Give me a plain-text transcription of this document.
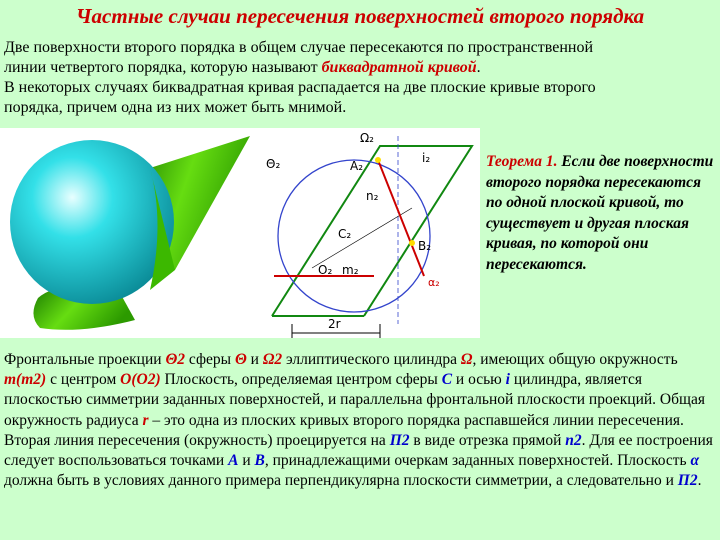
Частные случаи пересечения поверхностей второго порядка
Две поверхности второго порядка в общем случае пересекаются по пространственной
линии четвертого порядка, которую называют биквадратной кривой.
В некоторых случаях биквадратная кривая распадается на две плоские кривые второго
порядка, причем одна из них может быть мнимой.
Ω₂
Θ₂	A₂
i₂
n₂
C₂
B₂
O₂ m₂
α₂
2r
Теорема 1. Если две поверхности второго порядка пересекаются по одной плоской кривой, то существует и другая плоская кривая, по которой они пересекаются.
Фронтальные проекции Θ2 сферы Θ и Ω2 эллиптического цилиндра Ω, имеющих общую окружность m(m2) с центром O(O2) Плоскость, определяемая центром сферы C и осью i цилиндра, является плоскостью симметрии заданных поверхностей, и параллельна фронтальной плоскости проекций. Общая окружность радиуса r – это одна из плоских кривых второго порядка распавшейся линии пересечения. Вторая линия пересечения (окружность) проецируется на П2 в виде отрезка прямой n2. Для ее построения следует воспользоваться точками A и B, принадлежащими очеркам заданных поверхностей. Плоскость α должна быть в условиях данного примера перпендикулярна плоскости симметрии, а следовательно и П2.
